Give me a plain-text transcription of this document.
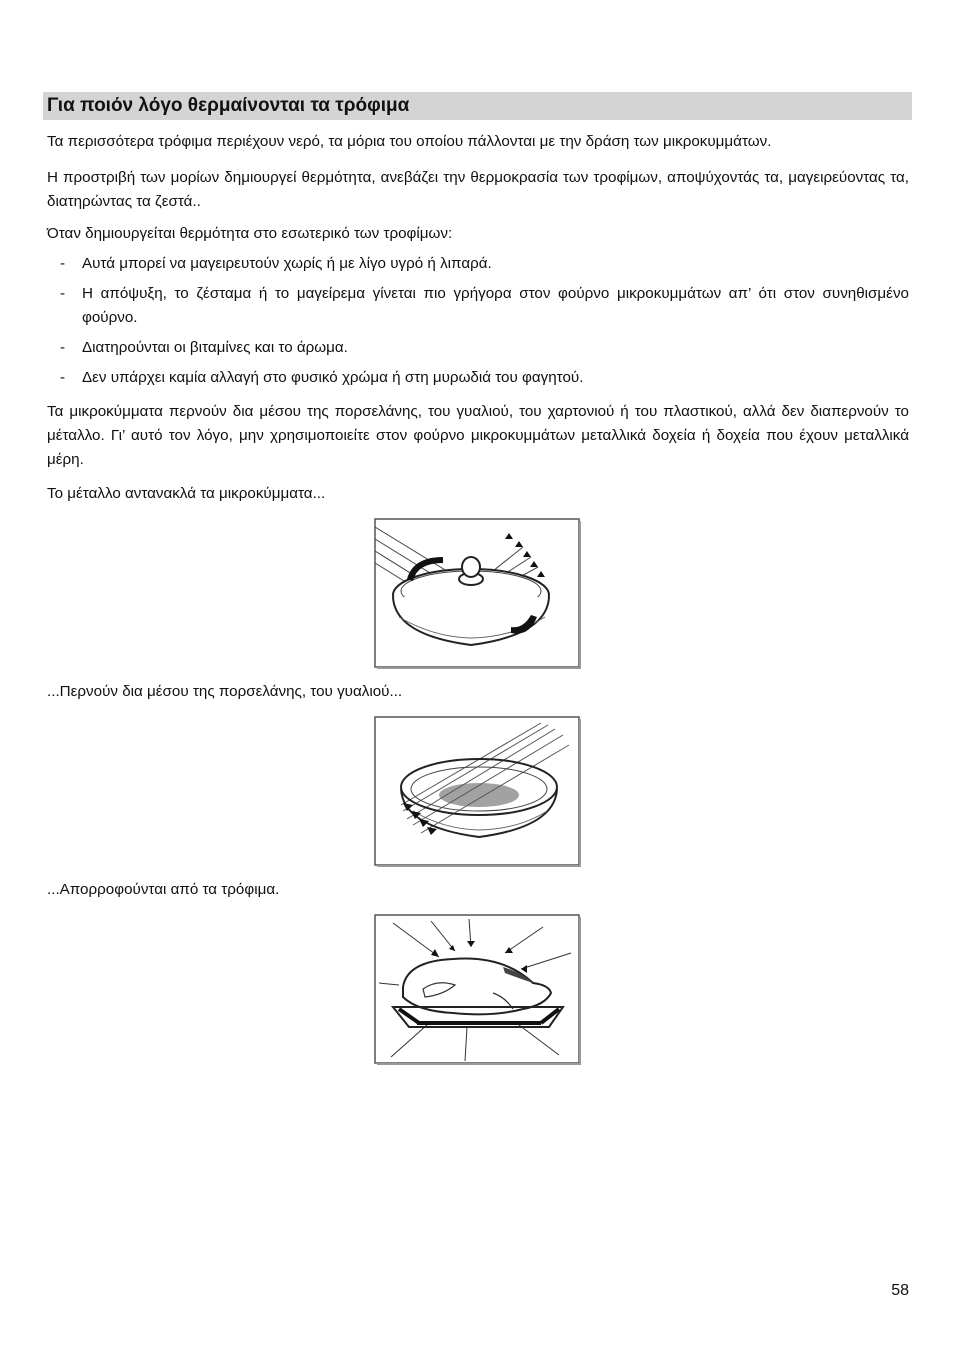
Για ποιόν λόγο θερμαίνονται τα τρόφιμα
Τα περισσότερα τρόφιμα περιέχουν νερό, τα μόρια του οποίου πάλλονται με την δράση των μικροκυμμάτων.
Η προστριβή των μορίων δημιουργεί θερμότητα, ανεβάζει την θερμοκρασία των τροφίμων, αποψύχοντάς τα, μαγειρεύοντας τα, διατηρώντας τα ζεστά..
Όταν δημιουργείται θερμότητα στο εσωτερικό των τροφίμων:
- Αυτά μπορεί να μαγειρευτούν χωρίς ή με λίγο υγρό ή λιπαρά.
- Η απόψυξη, το ζέσταμα ή το μαγείρεμα γίνεται πιο γρήγορα στον φούρνο μικροκυμμάτων απ’ ότι στον συνηθισμένο φούρνο.
- Διατηρούνται οι βιταμίνες και το άρωμα.
- Δεν υπάρχει καμία αλλαγή στο φυσικό χρώμα ή στη μυρωδιά του φαγητού.
Τα μικροκύμματα περνούν δια μέσου της πορσελάνης, του γυαλιού, του χαρτονιού ή του πλαστικού, αλλά δεν διαπερνούν το μέταλλο. Γι’ αυτό τον λόγο, μην χρησιμοποιείτε στον φούρνο μικροκυμμάτων μεταλλικά δοχεία ή δοχεία που έχουν μεταλλικά μέρη.
Το μέταλλο αντανακλά τα μικροκύμματα...
...Περνούν δια μέσου της πορσελάνης, του γυαλιού...
...Απορροφούνται από τα τρόφιμα.
58
